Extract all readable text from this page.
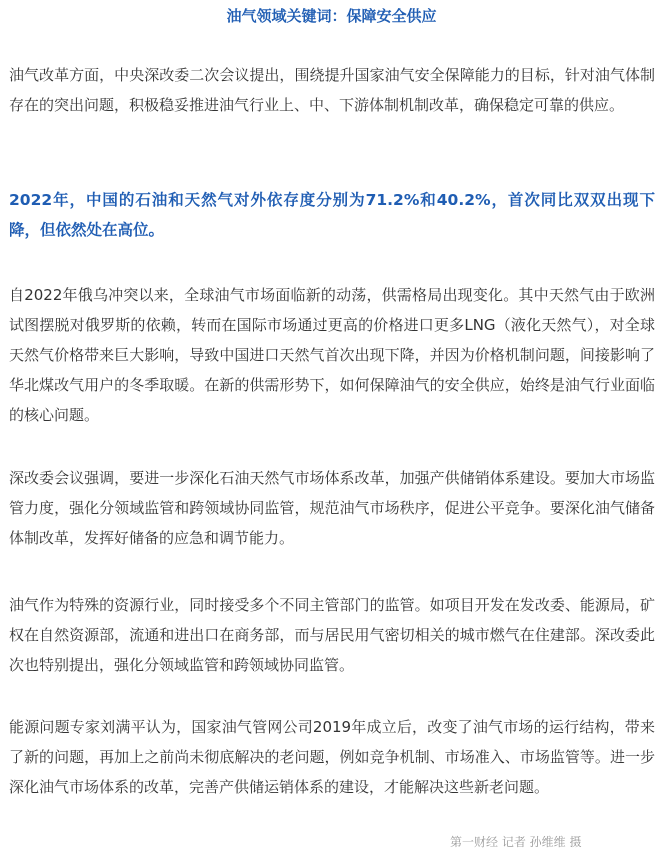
油气领域关键词：保障安全供应

油气改革方面，中央深改委二次会议提出，围绕提升国家油气安全保障能力的目标，针对油气体制存在的突出问题，积极稳妥推进油气行业上、中、下游体制机制改革，确保稳定可靠的供应。

2022年，中国的石油和天然气对外依存度分别为71.2%和40.2%，首次同比双双出现下降，但依然处在高位。

自2022年俄乌冲突以来，全球油气市场面临新的动荡，供需格局出现变化。其中天然气由于欧洲试图摆脱对俄罗斯的依赖，转而在国际市场通过更高的价格进口更多LNG（液化天然气），对全球天然气价格带来巨大影响，导致中国进口天然气首次出现下降，并因为价格机制问题，间接影响了华北煤改气用户的冬季取暖。在新的供需形势下，如何保障油气的安全供应，始终是油气行业面临的核心问题。

深改委会议强调，要进一步深化石油天然气市场体系改革，加强产供储销体系建设。要加大市场监管力度，强化分领域监管和跨领域协同监管，规范油气市场秩序，促进公平竞争。要深化油气储备体制改革，发挥好储备的应急和调节能力。

油气作为特殊的资源行业，同时接受多个不同主管部门的监管。如项目开发在发改委、能源局，矿权在自然资源部，流通和进出口在商务部，而与居民用气密切相关的城市燃气在住建部。深改委此次也特别提出，强化分领域监管和跨领域协同监管。

能源问题专家刘满平认为，国家油气管网公司2019年成立后，改变了油气市场的运行结构，带来了新的问题，再加上之前尚未彻底解决的老问题，例如竞争机制、市场准入、市场监管等。进一步深化油气市场体系的改革，完善产供储运销体系的建设，才能解决这些新老问题。

第一财经 记者 孙维维 摄
